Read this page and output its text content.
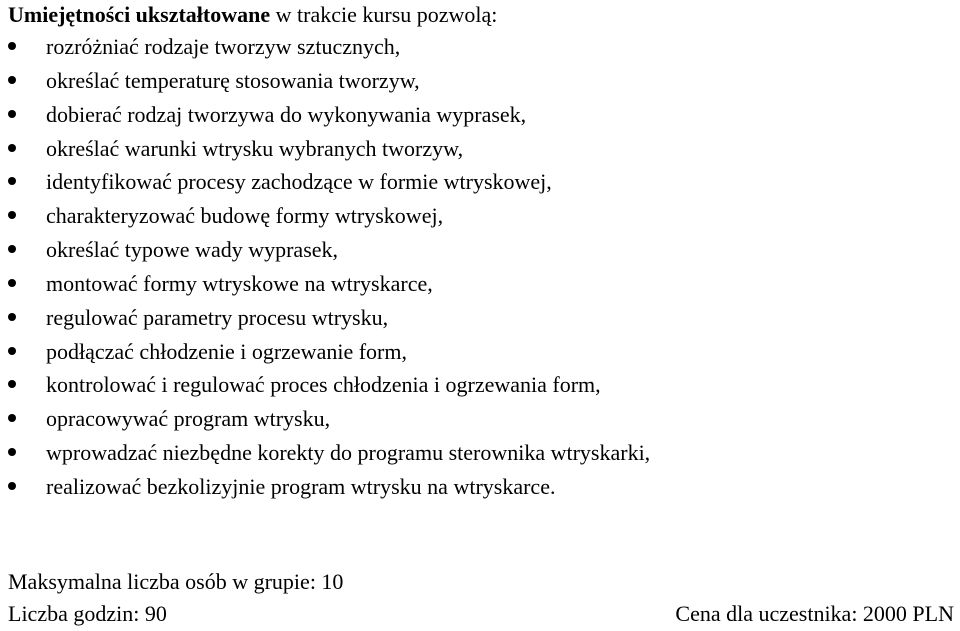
Umiejętności ukształtowane w trakcie kursu pozwolą:
rozróżniać rodzaje tworzyw sztucznych,
określać temperaturę stosowania tworzyw,
dobierać rodzaj tworzywa do wykonywania wyprasek,
określać warunki wtrysku wybranych tworzyw,
identyfikować procesy zachodzące w formie wtryskowej,
charakteryzować budowę formy wtryskowej,
określać typowe wady wyprasek,
montować formy wtryskowe na wtryskarce,
regulować parametry procesu wtrysku,
podłączać chłodzenie i ogrzewanie form,
kontrolować i regulować proces chłodzenia i ogrzewania form,
opracowywać program wtrysku,
wprowadzać niezbędne korekty do programu sterownika wtryskarki,
realizować bezkolizyjnie program wtrysku na wtryskarce.
Maksymalna liczba osób w grupie: 10
Liczba godzin: 90	Cena dla uczestnika: 2000 PLN
